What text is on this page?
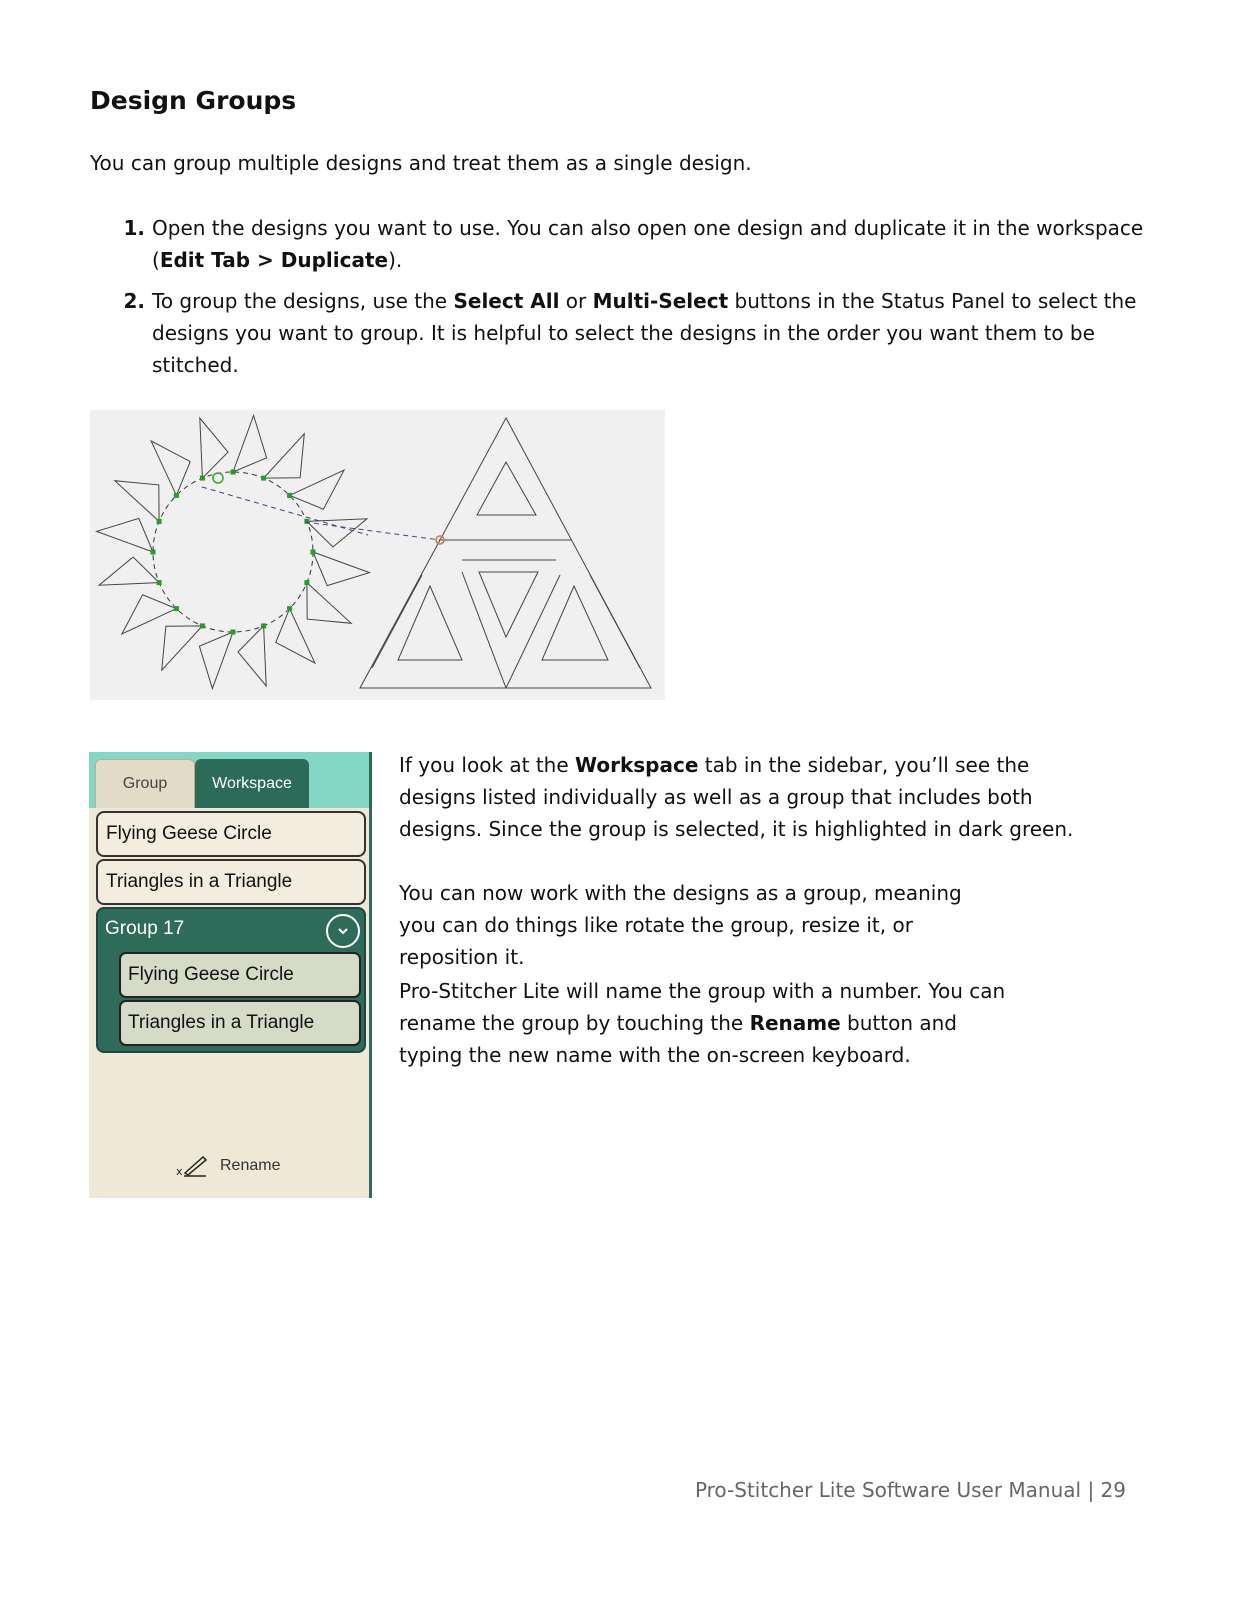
Design Groups

You can group multiple designs and treat them as a single design.

1. Open the designs you want to use. You can also open one design and duplicate it in the workspace (Edit Tab > Duplicate).
2. To group the designs, use the Select All or Multi-Select buttons in the Status Panel to select the designs you want to group. It is helpful to select the designs in the order you want them to be stitched.
Group	Workspace
Flying Geese Circle
Triangles in a Triangle
Group 17
Flying Geese Circle
Triangles in a Triangle
x Rename

If you look at the Workspace tab in the sidebar, you’ll see the designs listed individually as well as a group that includes both designs. Since the group is selected, it is highlighted in dark green.

You can now work with the designs as a group, meaning you can do things like rotate the group, resize it, or reposition it.

Pro-Stitcher Lite will name the group with a number. You can rename the group by touching the Rename button and typing the new name with the on-screen keyboard.

Pro-Stitcher Lite Software User Manual | 29
